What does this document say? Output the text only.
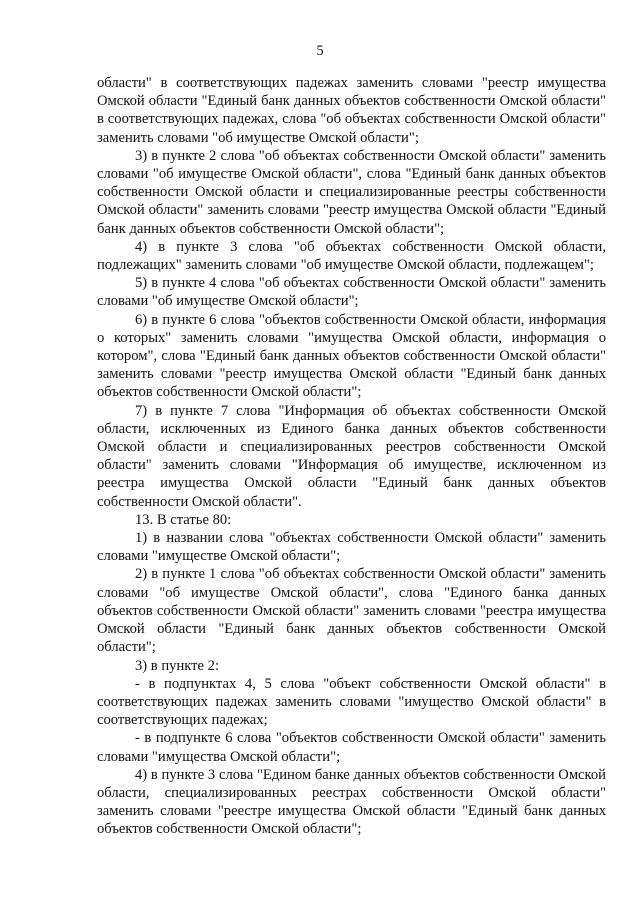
5

области" в соответствующих падежах заменить словами "реестр имущества Омской области "Единый банк данных объектов собственности Омской области" в соответствующих падежах, слова "об объектах собственности Омской области" заменить словами "об имуществе Омской области";

3) в пункте 2 слова "об объектах собственности Омской области" заменить словами "об имуществе Омской области", слова "Единый банк данных объектов собственности Омской области и специализированные реестры собственности Омской области" заменить словами "реестр имущества Омской области "Единый банк данных объектов собственности Омской области";

4) в пункте 3 слова "об объектах собственности Омской области, подлежащих" заменить словами "об имуществе Омской области, подлежащем";

5) в пункте 4 слова "об объектах собственности Омской области" заменить словами "об имуществе Омской области";

6) в пункте 6 слова "объектов собственности Омской области, информация о которых" заменить словами "имущества Омской области, информация о котором", слова "Единый банк данных объектов собственности Омской области" заменить словами "реестр имущества Омской области "Единый банк данных объектов собственности Омской области";

7) в пункте 7 слова "Информация об объектах собственности Омской области, исключенных из Единого банка данных объектов собственности Омской области и специализированных реестров собственности Омской области" заменить словами "Информация об имуществе, исключенном из реестра имущества Омской области "Единый банк данных объектов собственности Омской области".

13. В статье 80:

1) в названии слова "объектах собственности Омской области" заменить словами "имуществе Омской области";

2) в пункте 1 слова "об объектах собственности Омской области" заменить словами "об имуществе Омской области", слова "Единого банка данных объектов собственности Омской области" заменить словами "реестра имущества Омской области "Единый банк данных объектов собственности Омской области";

3) в пункте 2:

- в подпунктах 4, 5 слова "объект собственности Омской области" в соответствующих падежах заменить словами "имущество Омской области" в соответствующих падежах;

- в подпункте 6 слова "объектов собственности Омской области" заменить словами "имущества Омской области";

4) в пункте 3 слова "Едином банке данных объектов собственности Омской области, специализированных реестрах собственности Омской области" заменить словами "реестре имущества Омской области "Единый банк данных объектов собственности Омской области";
